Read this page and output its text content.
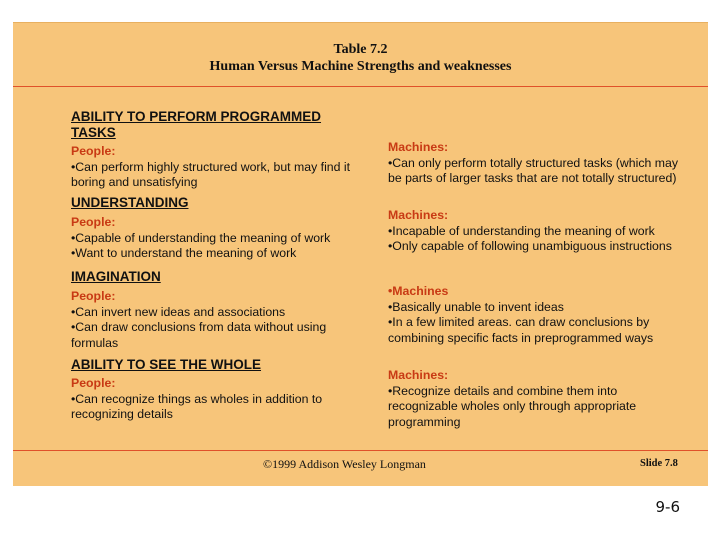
Table 7.2
Human Versus Machine Strengths and weaknesses
ABILITY TO PERFORM PROGRAMMED
TASKS
People:
•Can perform highly structured work, but may find it boring and unsatisfying
Machines:
•Can only perform totally structured tasks (which may be parts of larger tasks that are not totally structured)
UNDERSTANDING
People:
•Capable of understanding the meaning of work
•Want to understand the meaning of work
Machines:
•Incapable of understanding the meaning of work
•Only capable of following unambiguous instructions
IMAGINATION
People:
•Can invert new ideas and associations
•Can draw conclusions from data without using formulas
•Machines
•Basically unable to invent ideas
•In a few limited areas. can draw conclusions by combining specific facts in preprogrammed ways
ABILITY TO SEE THE WHOLE
People:
•Can recognize things as wholes in addition to recognizing details
Machines:
•Recognize details and combine them into recognizable wholes only through appropriate programming
©1999 Addison Wesley Longman	Slide 7.8
9-6
